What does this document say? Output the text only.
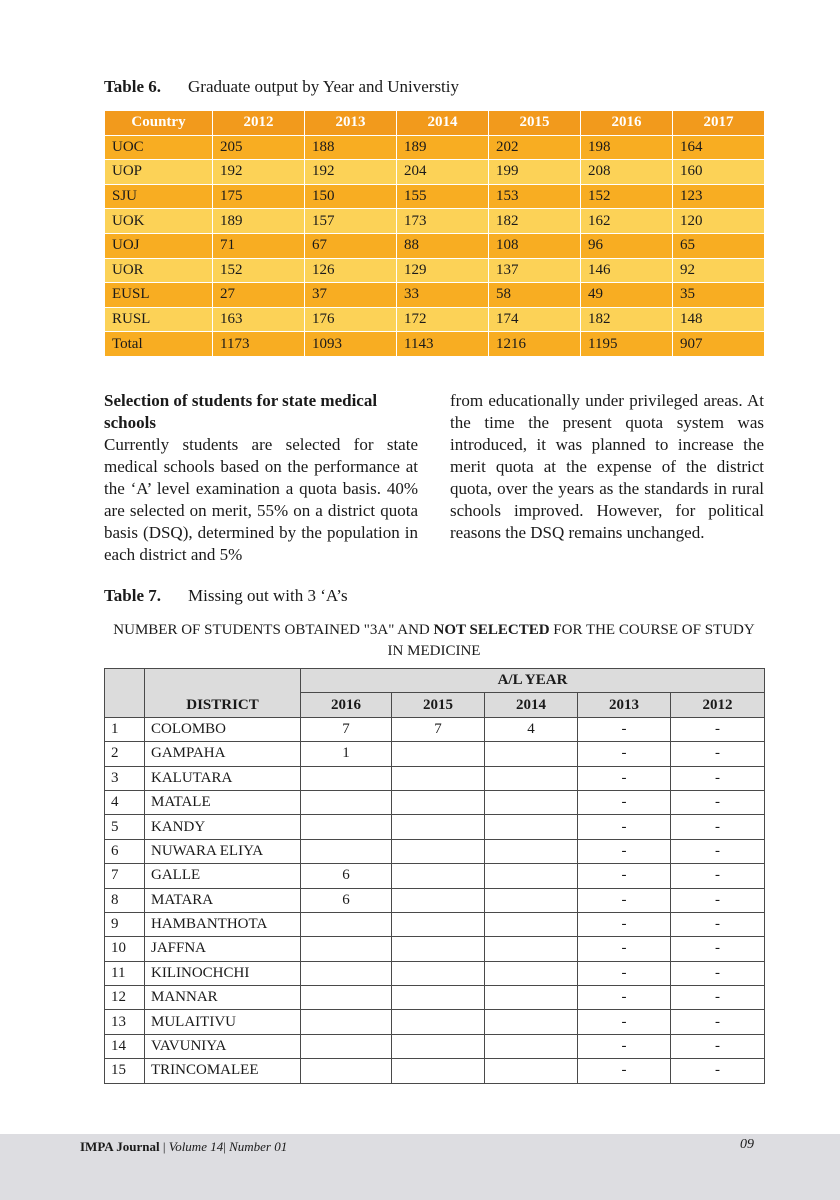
Table 6.	Graduate output by Year and Universtiy
Country	2012	2013	2014	2015	2016	2017
UOC	205	188	189	202	198	164
UOP	192	192	204	199	208	160
SJU	175	150	155	153	152	123
UOK	189	157	173	182	162	120
UOJ	71	67	88	108	96	65
UOR	152	126	129	137	146	92
EUSL	27	37	33	58	49	35
RUSL	163	176	172	174	182	148
Total	1173	1093	1143	1216	1195	907
Selection of students for state medical schools

Currently students are selected for state medical schools based on the performance at the ‘A’ level examination a quota basis. 40% are selected on merit, 55% on a district quota basis (DSQ), determined by the population in each district and 5%

from educationally under privileged areas. At the time the present quota system was introduced, it was planned to increase the merit quota at the expense of the district quota, over the years as the standards in rural schools improved. However, for political reasons the DSQ remains unchanged.

Table 7.	Missing out with 3 ‘A’s
NUMBER OF STUDENTS OBTAINED "3A" AND NOT SELECTED FOR THE COURSE OF STUDY IN MEDICINE
	DISTRICT	A/L YEAR				
		2016	2015	2014	2013	2012
1	COLOMBO	7	7	4	-	-
2	GAMPAHA	1			-	-
3	KALUTARA				-	-
4	MATALE				-	-
5	KANDY				-	-
6	NUWARA ELIYA				-	-
7	GALLE	6			-	-
8	MATARA	6			-	-
9	HAMBANTHOTA				-	-
10	JAFFNA				-	-
11	KILINOCHCHI				-	-
12	MANNAR				-	-
13	MULAITIVU				-	-
14	VAVUNIYA				-	-
15	TRINCOMALEE				-	-
IMPA Journal | Volume 14| Number 01	09
